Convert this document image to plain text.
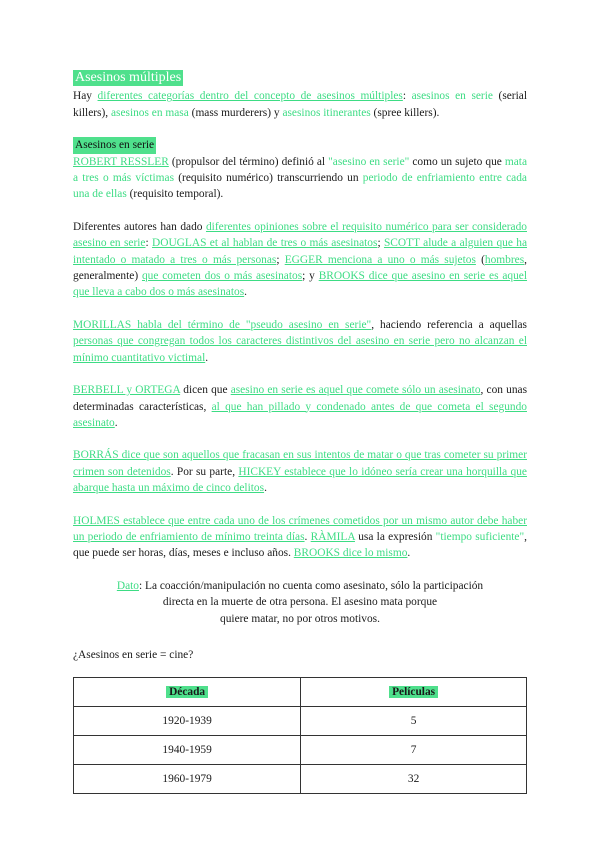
Asesinos múltiples

Hay diferentes categorías dentro del concepto de asesinos múltiples: asesinos en serie (serial killers), asesinos en masa (mass murderers) y asesinos itinerantes (spree killers).

Asesinos en serie

ROBERT RESSLER (propulsor del término) definió al "asesino en serie" como un sujeto que mata a tres o más víctimas (requisito numérico) transcurriendo un periodo de enfriamiento entre cada una de ellas (requisito temporal).

Diferentes autores han dado diferentes opiniones sobre el requisito numérico para ser considerado asesino en serie: DOUGLAS et al hablan de tres o más asesinatos; SCOTT alude a alguien que ha intentado o matado a tres o más personas; EGGER menciona a uno o más sujetos (hombres, generalmente) que cometen dos o más asesinatos; y BROOKS dice que asesino en serie es aquel que lleva a cabo dos o más asesinatos.

MORILLAS habla del término de "pseudo asesino en serie", haciendo referencia a aquellas personas que congregan todos los caracteres distintivos del asesino en serie pero no alcanzan el mínimo cuantitativo victimal.

BERBELL y ORTEGA dicen que asesino en serie es aquel que comete sólo un asesinato, con unas determinadas características, al que han pillado y condenado antes de que cometa el segundo asesinato.

BORRÁS dice que son aquellos que fracasan en sus intentos de matar o que tras cometer su primer crimen son detenidos. Por su parte, HICKEY establece que lo idóneo sería crear una horquilla que abarque hasta un máximo de cinco delitos.

HOLMES establece que entre cada uno de los crímenes cometidos por un mismo autor debe haber un periodo de enfriamiento de mínimo treinta días. RÀMILA usa la expresión "tiempo suficiente", que puede ser horas, días, meses e incluso años. BROOKS dice lo mismo.

Dato: La coacción/manipulación no cuenta como asesinato, sólo la participación
directa en la muerte de otra persona. El asesino mata porque
quiere matar, no por otros motivos.
¿Asesinos en serie = cine?
Década	Películas
1920-1939	5
1940-1959	7
1960-1979	32
